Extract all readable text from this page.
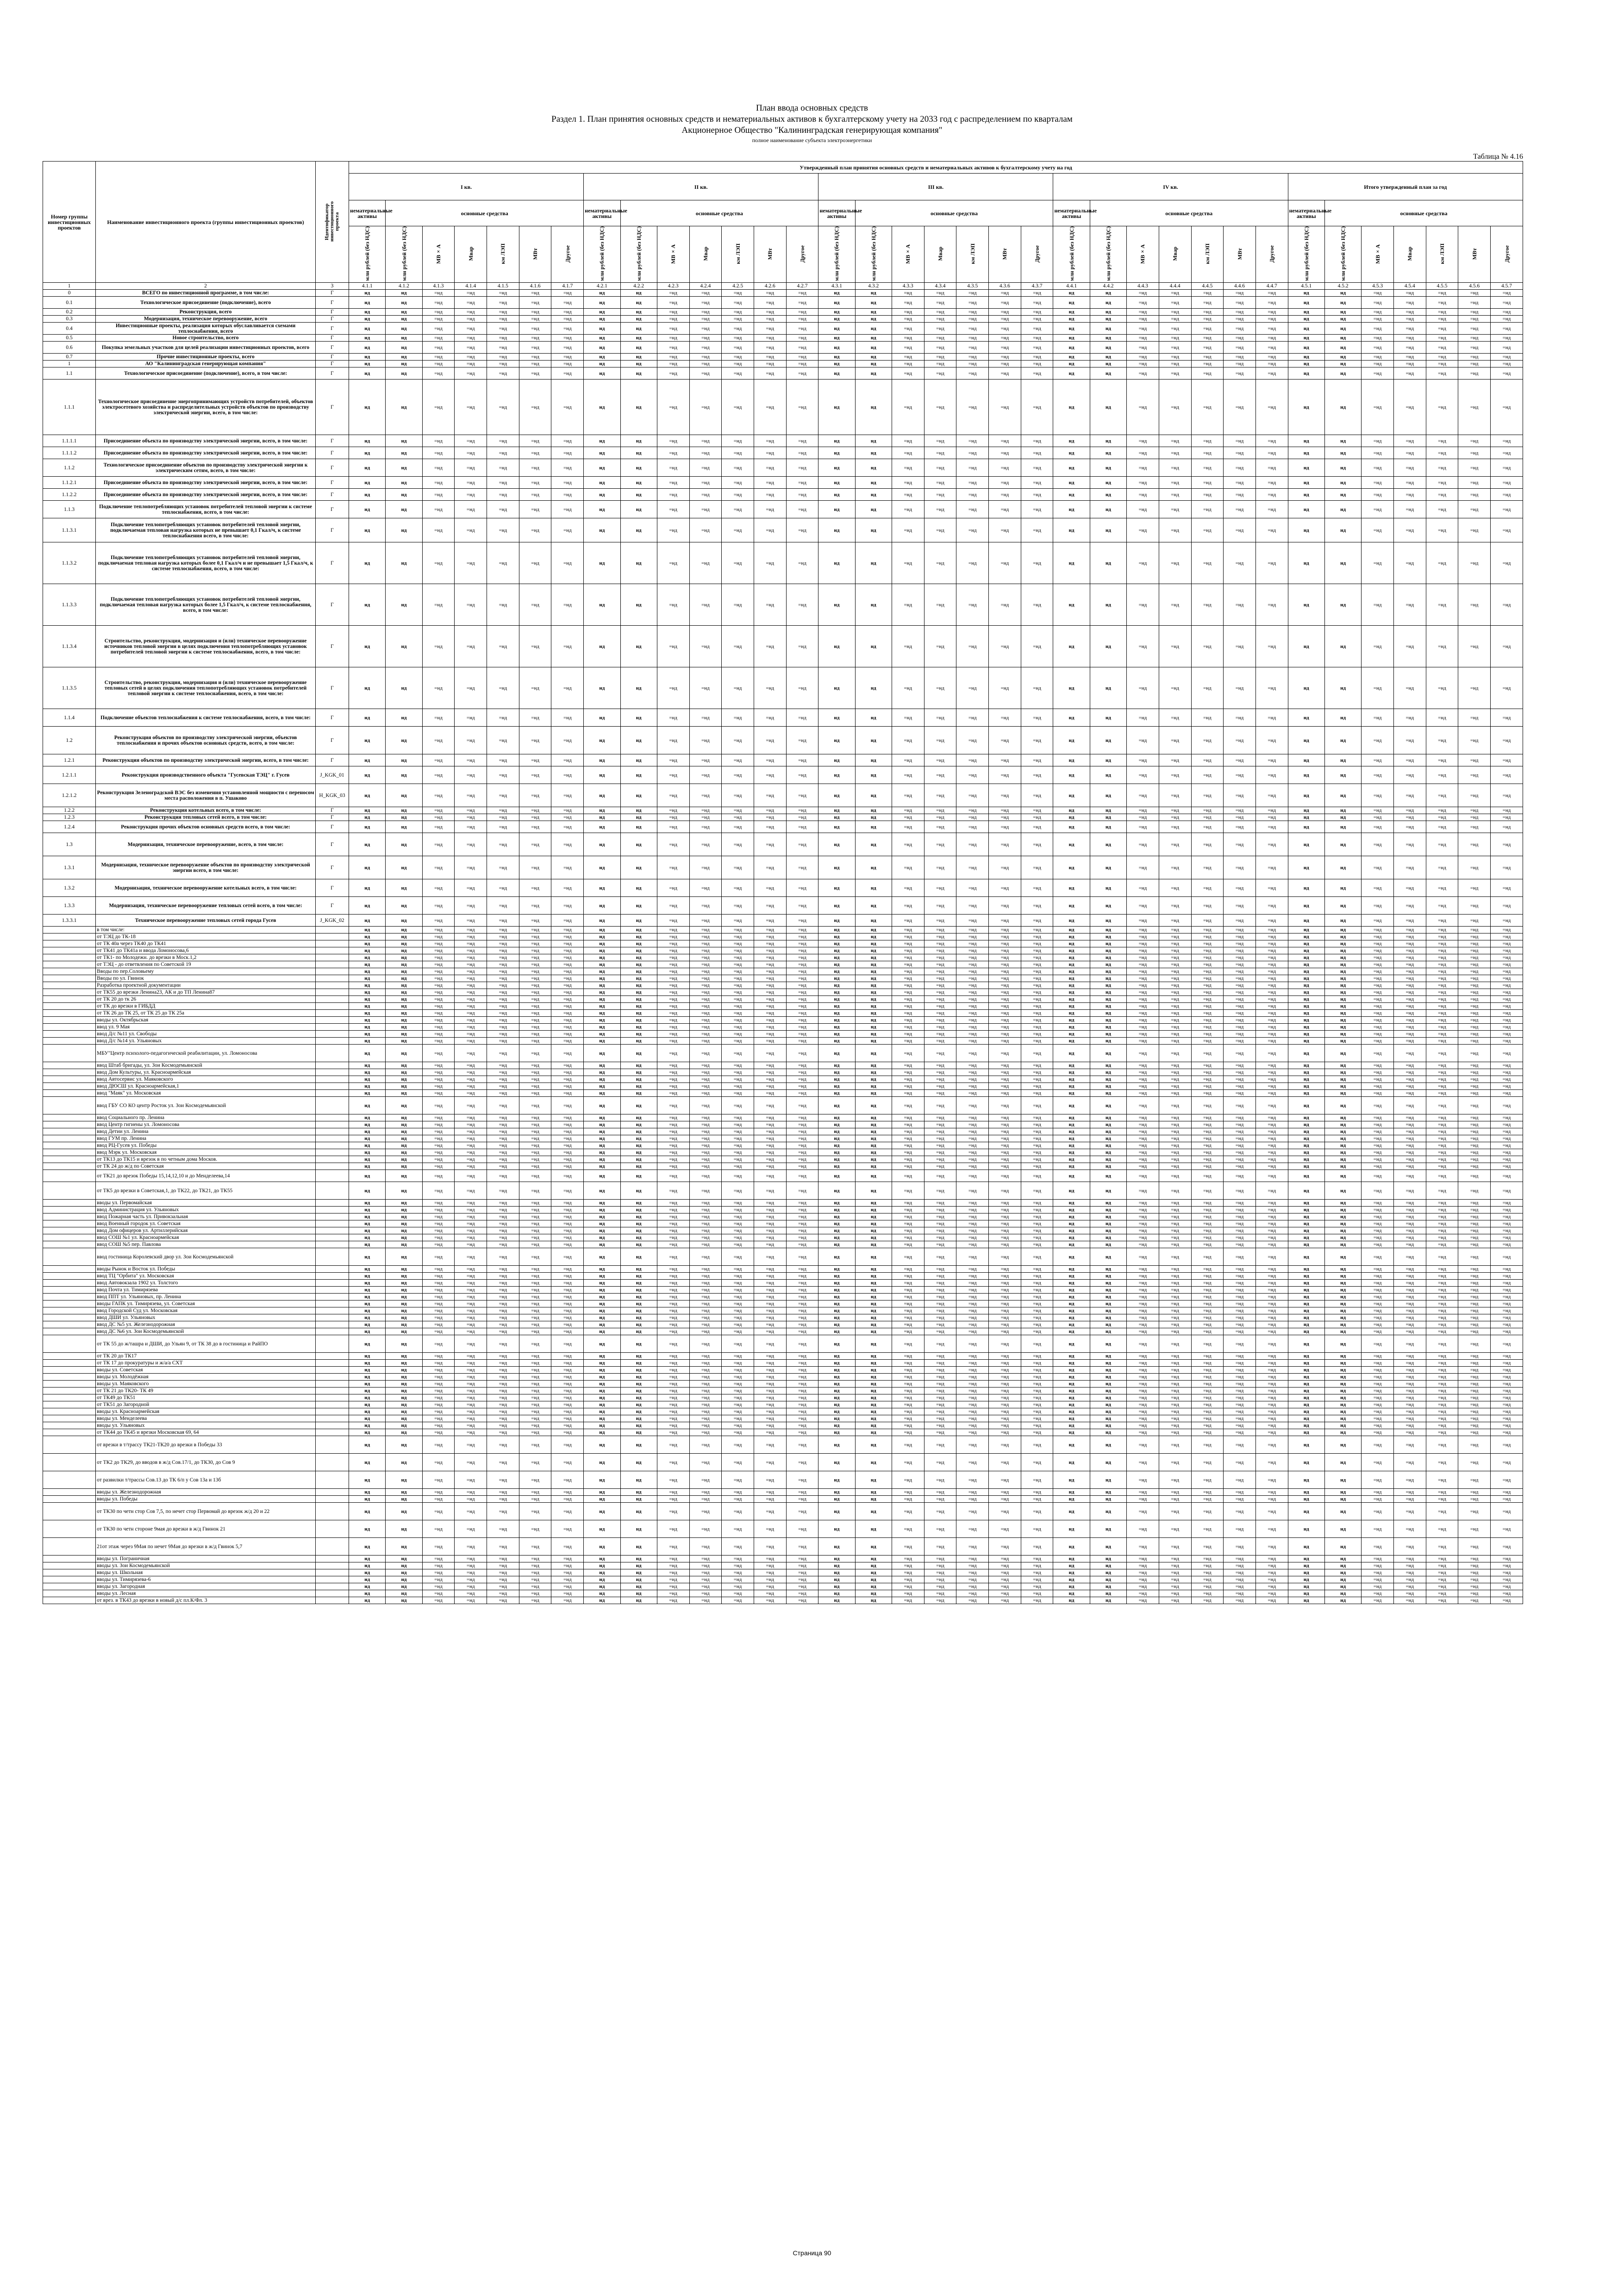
План ввода основных средств
Раздел 1. План принятия основных средств и нематериальных активов к бухгалтерскому учету на 2033 год с распределением по кварталам
Акционерное Общество "Калининградская генерирующая компания"
полное наименование субъекта электроэнергетики
Таблица № 4.16
Номер группы инвестиционных проектов	Наименование инвестиционного проекта (группы инвестиционных проектов)	Идентификатор инвестиционного проекта	Утвержденный план принятия основных средств и нематериальных активов к бухгалтерскому учету на год																																		
			I кв.							II кв.							III кв.							IV кв.							Итого утвержденный план за год						
			нематериальные активы	основные средства						нематериальные активы	основные средства						нематериальные активы	основные средства						нематериальные активы	основные средства						нематериальные активы	основные средства					
			млн рублей (без НДС)	млн рублей (без НДС)	МВ×А	Мвар	км ЛЭП	МВт	Другое	млн рублей (без НДС)	млн рублей (без НДС)	МВ×А	Мвар	км ЛЭП	МВт	Другое	млн рублей (без НДС)	млн рублей (без НДС)	МВ×А	Мвар	км ЛЭП	МВт	Другое	млн рублей (без НДС)	млн рублей (без НДС)	МВ×А	Мвар	км ЛЭП	МВт	Другое	млн рублей (без НДС)	млн рублей (без НДС)	МВ×А	Мвар	км ЛЭП	МВт	Другое

1	2	3	4.1.1	4.1.2	4.1.3	4.1.4	4.1.5	4.1.6	4.1.7	4.2.1	4.2.2	4.2.3	4.2.4	4.2.5	4.2.6	4.2.7	4.3.1	4.3.2	4.3.3	4.3.4	4.3.5	4.3.6	4.3.7	4.4.1	4.4.2	4.4.3	4.4.4	4.4.5	4.4.6	4.4.7	4.5.1	4.5.2	4.5.3	4.5.4	4.5.5	4.5.6	4.5.7
0	ВСЕГО по инвестиционной программе, в том числе:	Г	нд	нд	=нд	=нд	=нд	=нд	=нд	нд	нд	=нд	=нд	=нд	=нд	=нд	нд	нд	=нд	=нд	=нд	=нд	=нд	нд	нд	=нд	=нд	=нд	=нд	=нд	нд	нд	=нд	=нд	=нд	=нд	=нд
0.1	Технологическое присоединение (подключение), всего	Г	нд	нд	=нд	=нд	=нд	=нд	=нд	нд	нд	=нд	=нд	=нд	=нд	=нд	нд	нд	=нд	=нд	=нд	=нд	=нд	нд	нд	=нд	=нд	=нд	=нд	=нд	нд	нд	=нд	=нд	=нд	=нд	=нд
0.2	Реконструкция, всего	Г	нд	нд	=нд	=нд	=нд	=нд	=нд	нд	нд	=нд	=нд	=нд	=нд	=нд	нд	нд	=нд	=нд	=нд	=нд	=нд	нд	нд	=нд	=нд	=нд	=нд	=нд	нд	нд	=нд	=нд	=нд	=нд	=нд
0.3	Модернизация, техническое перевооружение, всего	Г	нд	нд	=нд	=нд	=нд	=нд	=нд	нд	нд	=нд	=нд	=нд	=нд	=нд	нд	нд	=нд	=нд	=нд	=нд	=нд	нд	нд	=нд	=нд	=нд	=нд	=нд	нд	нд	=нд	=нд	=нд	=нд	=нд
0.4	Инвестиционные проекты, реализация которых обуславливается схемами теплоснабжения, всего	Г	нд	нд	=нд	=нд	=нд	=нд	=нд	нд	нд	=нд	=нд	=нд	=нд	=нд	нд	нд	=нд	=нд	=нд	=нд	=нд	нд	нд	=нд	=нд	=нд	=нд	=нд	нд	нд	=нд	=нд	=нд	=нд	=нд
0.5	Новое строительство, всего	Г	нд	нд	=нд	=нд	=нд	=нд	=нд	нд	нд	=нд	=нд	=нд	=нд	=нд	нд	нд	=нд	=нд	=нд	=нд	=нд	нд	нд	=нд	=нд	=нд	=нд	=нд	нд	нд	=нд	=нд	=нд	=нд	=нд
0.6	Покупка земельных участков для целей реализации инвестиционных проектов, всего	Г	нд	нд	=нд	=нд	=нд	=нд	=нд	нд	нд	=нд	=нд	=нд	=нд	=нд	нд	нд	=нд	=нд	=нд	=нд	=нд	нд	нд	=нд	=нд	=нд	=нд	=нд	нд	нд	=нд	=нд	=нд	=нд	=нд
0.7	Прочие инвестиционные проекты, всего	Г	нд	нд	=нд	=нд	=нд	=нд	=нд	нд	нд	=нд	=нд	=нд	=нд	=нд	нд	нд	=нд	=нд	=нд	=нд	=нд	нд	нд	=нд	=нд	=нд	=нд	=нд	нд	нд	=нд	=нд	=нд	=нд	=нд
1	АО "Калининградская генерирующая компания"	Г	нд	нд	=нд	=нд	=нд	=нд	=нд	нд	нд	=нд	=нд	=нд	=нд	=нд	нд	нд	=нд	=нд	=нд	=нд	=нд	нд	нд	=нд	=нд	=нд	=нд	=нд	нд	нд	=нд	=нд	=нд	=нд	=нд
1.1	Технологическое присоединение (подключение), всего, в том числе:	Г	нд	нд	=нд	=нд	=нд	=нд	=нд	нд	нд	=нд	=нд	=нд	=нд	=нд	нд	нд	=нд	=нд	=нд	=нд	=нд	нд	нд	=нд	=нд	=нд	=нд	=нд	нд	нд	=нд	=нд	=нд	=нд	=нд
1.1.1	Технологическое присоединение энергопринимающих устройств потребителей, объектов электросетевого хозяйства и распределительных устройств объектов по производству электрической энергии, всего, в том числе:	Г	нд	нд	=нд	=нд	=нд	=нд	=нд	нд	нд	=нд	=нд	=нд	=нд	=нд	нд	нд	=нд	=нд	=нд	=нд	=нд	нд	нд	=нд	=нд	=нд	=нд	=нд	нд	нд	=нд	=нд	=нд	=нд	=нд
1.1.1.1	Присоединение объекта по производству электрической энергии, всего, в том числе:	Г	нд	нд	=нд	=нд	=нд	=нд	=нд	нд	нд	=нд	=нд	=нд	=нд	=нд	нд	нд	=нд	=нд	=нд	=нд	=нд	нд	нд	=нд	=нд	=нд	=нд	=нд	нд	нд	=нд	=нд	=нд	=нд	=нд
1.1.1.2	Присоединение объекта по производству электрической энергии, всего, в том числе:	Г	нд	нд	=нд	=нд	=нд	=нд	=нд	нд	нд	=нд	=нд	=нд	=нд	=нд	нд	нд	=нд	=нд	=нд	=нд	=нд	нд	нд	=нд	=нд	=нд	=нд	=нд	нд	нд	=нд	=нд	=нд	=нд	=нд
1.1.2	Технологическое присоединение объектов по производству электрической энергии к электрическим сетям, всего, в том числе:	Г	нд	нд	=нд	=нд	=нд	=нд	=нд	нд	нд	=нд	=нд	=нд	=нд	=нд	нд	нд	=нд	=нд	=нд	=нд	=нд	нд	нд	=нд	=нд	=нд	=нд	=нд	нд	нд	=нд	=нд	=нд	=нд	=нд
1.1.2.1	Присоединение объекта по производству электрической энергии, всего, в том числе:	Г	нд	нд	=нд	=нд	=нд	=нд	=нд	нд	нд	=нд	=нд	=нд	=нд	=нд	нд	нд	=нд	=нд	=нд	=нд	=нд	нд	нд	=нд	=нд	=нд	=нд	=нд	нд	нд	=нд	=нд	=нд	=нд	=нд
1.1.2.2	Присоединение объекта по производству электрической энергии, всего, в том числе:	Г	нд	нд	=нд	=нд	=нд	=нд	=нд	нд	нд	=нд	=нд	=нд	=нд	=нд	нд	нд	=нд	=нд	=нд	=нд	=нд	нд	нд	=нд	=нд	=нд	=нд	=нд	нд	нд	=нд	=нд	=нд	=нд	=нд
1.1.3	Подключение теплопотребляющих установок потребителей тепловой энергии к системе теплоснабжения, всего, в том числе:	Г	нд	нд	=нд	=нд	=нд	=нд	=нд	нд	нд	=нд	=нд	=нд	=нд	=нд	нд	нд	=нд	=нд	=нд	=нд	=нд	нд	нд	=нд	=нд	=нд	=нд	=нд	нд	нд	=нд	=нд	=нд	=нд	=нд
1.1.3.1	Подключение теплопотребляющих установок потребителей тепловой энергии, подключаемая тепловая нагрузка которых не превышает 0,1 Гкал/ч, к системе теплоснабжения всего, в том числе:	Г	нд	нд	=нд	=нд	=нд	=нд	=нд	нд	нд	=нд	=нд	=нд	=нд	=нд	нд	нд	=нд	=нд	=нд	=нд	=нд	нд	нд	=нд	=нд	=нд	=нд	=нд	нд	нд	=нд	=нд	=нд	=нд	=нд
1.1.3.2	Подключение теплопотребляющих установок потребителей тепловой энергии, подключаемая тепловая нагрузка которых более 0,1 Гкал/ч и не превышает 1,5 Гкал/ч, к системе теплоснабжения, всего, в том числе:	Г	нд	нд	=нд	=нд	=нд	=нд	=нд	нд	нд	=нд	=нд	=нд	=нд	=нд	нд	нд	=нд	=нд	=нд	=нд	=нд	нд	нд	=нд	=нд	=нд	=нд	=нд	нд	нд	=нд	=нд	=нд	=нд	=нд
1.1.3.3	Подключение теплопотребляющих установок потребителей тепловой энергии, подключаемая тепловая нагрузка которых более 1,5 Гкал/ч, к системе теплоснабжения, всего, в том числе:	Г	нд	нд	=нд	=нд	=нд	=нд	=нд	нд	нд	=нд	=нд	=нд	=нд	=нд	нд	нд	=нд	=нд	=нд	=нд	=нд	нд	нд	=нд	=нд	=нд	=нд	=нд	нд	нд	=нд	=нд	=нд	=нд	=нд
1.1.3.4	Строительство, реконструкция, модернизация и (или) техническое перевооружение источников тепловой энергии в целях подключения теплопотребляющих установок потребителей тепловой энергии к системе теплоснабжения, всего, в том числе:	Г	нд	нд	=нд	=нд	=нд	=нд	=нд	нд	нд	=нд	=нд	=нд	=нд	=нд	нд	нд	=нд	=нд	=нд	=нд	=нд	нд	нд	=нд	=нд	=нд	=нд	=нд	нд	нд	=нд	=нд	=нд	=нд	=нд
1.1.3.5	Строительство, реконструкция, модернизация и (или) техническое перевооружение тепловых сетей в целях подключения теплопотребляющих установок потребителей тепловой энергии к системе теплоснабжения, всего, в том числе:	Г	нд	нд	=нд	=нд	=нд	=нд	=нд	нд	нд	=нд	=нд	=нд	=нд	=нд	нд	нд	=нд	=нд	=нд	=нд	=нд	нд	нд	=нд	=нд	=нд	=нд	=нд	нд	нд	=нд	=нд	=нд	=нд	=нд
1.1.4	Подключение объектов теплоснабжения к системе теплоснабжения, всего, в том числе:	Г	нд	нд	=нд	=нд	=нд	=нд	=нд	нд	нд	=нд	=нд	=нд	=нд	=нд	нд	нд	=нд	=нд	=нд	=нд	=нд	нд	нд	=нд	=нд	=нд	=нд	=нд	нд	нд	=нд	=нд	=нд	=нд	=нд
1.2	Реконструкция объектов по производству электрической энергии, объектов теплоснабжения и прочих объектов основных средств, всего, в том числе:	Г	нд	нд	=нд	=нд	=нд	=нд	=нд	нд	нд	=нд	=нд	=нд	=нд	=нд	нд	нд	=нд	=нд	=нд	=нд	=нд	нд	нд	=нд	=нд	=нд	=нд	=нд	нд	нд	=нд	=нд	=нд	=нд	=нд
1.2.1	Реконструкция объектов по производству электрической энергии, всего, в том числе:	Г	нд	нд	=нд	=нд	=нд	=нд	=нд	нд	нд	=нд	=нд	=нд	=нд	=нд	нд	нд	=нд	=нд	=нд	=нд	=нд	нд	нд	=нд	=нд	=нд	=нд	=нд	нд	нд	=нд	=нд	=нд	=нд	=нд
1.2.1.1	Реконструкция производственного объекта "Гусевская ТЭЦ" г. Гусев	J_KGK_01	нд	нд	=нд	=нд	=нд	=нд	=нд	нд	нд	=нд	=нд	=нд	=нд	=нд	нд	нд	=нд	=нд	=нд	=нд	=нд	нд	нд	=нд	=нд	=нд	=нд	=нд	нд	нд	=нд	=нд	=нд	=нд	=нд
1.2.1.2	Реконструкция Зеленоградской ВЭС без изменения установленной мощности с переносом места расположения в п. Ушаково	H_KGK_03	нд	нд	=нд	=нд	=нд	=нд	=нд	нд	нд	=нд	=нд	=нд	=нд	=нд	нд	нд	=нд	=нд	=нд	=нд	=нд	нд	нд	=нд	=нд	=нд	=нд	=нд	нд	нд	=нд	=нд	=нд	=нд	=нд
1.2.2	Реконструкция котельных всего, в том числе:	Г	нд	нд	=нд	=нд	=нд	=нд	=нд	нд	нд	=нд	=нд	=нд	=нд	=нд	нд	нд	=нд	=нд	=нд	=нд	=нд	нд	нд	=нд	=нд	=нд	=нд	=нд	нд	нд	=нд	=нд	=нд	=нд	=нд
1.2.3	Реконструкция тепловых сетей всего, в том числе:	Г	нд	нд	=нд	=нд	=нд	=нд	=нд	нд	нд	=нд	=нд	=нд	=нд	=нд	нд	нд	=нд	=нд	=нд	=нд	=нд	нд	нд	=нд	=нд	=нд	=нд	=нд	нд	нд	=нд	=нд	=нд	=нд	=нд
1.2.4	Реконструкция прочих объектов основных средств всего, в том числе:	Г	нд	нд	=нд	=нд	=нд	=нд	=нд	нд	нд	=нд	=нд	=нд	=нд	=нд	нд	нд	=нд	=нд	=нд	=нд	=нд	нд	нд	=нд	=нд	=нд	=нд	=нд	нд	нд	=нд	=нд	=нд	=нд	=нд
1.3	Модернизация, техническое перевооружение, всего, в том числе:	Г	нд	нд	=нд	=нд	=нд	=нд	=нд	нд	нд	=нд	=нд	=нд	=нд	=нд	нд	нд	=нд	=нд	=нд	=нд	=нд	нд	нд	=нд	=нд	=нд	=нд	=нд	нд	нд	=нд	=нд	=нд	=нд	=нд
1.3.1	Модернизация, техническое перевооружение объектов по производству электрической энергии всего, в том числе:	Г	нд	нд	=нд	=нд	=нд	=нд	=нд	нд	нд	=нд	=нд	=нд	=нд	=нд	нд	нд	=нд	=нд	=нд	=нд	=нд	нд	нд	=нд	=нд	=нд	=нд	=нд	нд	нд	=нд	=нд	=нд	=нд	=нд
1.3.2	Модернизация, техническое перевооружение котельных всего, в том числе:	Г	нд	нд	=нд	=нд	=нд	=нд	=нд	нд	нд	=нд	=нд	=нд	=нд	=нд	нд	нд	=нд	=нд	=нд	=нд	=нд	нд	нд	=нд	=нд	=нд	=нд	=нд	нд	нд	=нд	=нд	=нд	=нд	=нд
1.3.3	Модернизация, техническое перевооружение тепловых сетей всего, в том числе:	Г	нд	нд	=нд	=нд	=нд	=нд	=нд	нд	нд	=нд	=нд	=нд	=нд	=нд	нд	нд	=нд	=нд	=нд	=нд	=нд	нд	нд	=нд	=нд	=нд	=нд	=нд	нд	нд	=нд	=нд	=нд	=нд	=нд
1.3.3.1	Техническое перевооружение тепловых сетей города Гусев	J_KGK_02	нд	нд	=нд	=нд	=нд	=нд	=нд	нд	нд	=нд	=нд	=нд	=нд	=нд	нд	нд	=нд	=нд	=нд	=нд	=нд	нд	нд	=нд	=нд	=нд	=нд	=нд	нд	нд	=нд	=нд	=нд	=нд	=нд
	в том числе:		нд	нд	=нд	=нд	=нд	=нд	=нд	нд	нд	=нд	=нд	=нд	=нд	=нд	нд	нд	=нд	=нд	=нд	=нд	=нд	нд	нд	=нд	=нд	=нд	=нд	=нд	нд	нд	=нд	=нд	=нд	=нд	=нд
	от ТЭЦ до ТК-18		нд	нд	=нд	=нд	=нд	=нд	=нд	нд	нд	=нд	=нд	=нд	=нд	=нд	нд	нд	=нд	=нд	=нд	=нд	=нд	нд	нд	=нд	=нд	=нд	=нд	=нд	нд	нд	=нд	=нд	=нд	=нд	=нд
	от ТК 40а через ТК40 до ТК41		нд	нд	=нд	=нд	=нд	=нд	=нд	нд	нд	=нд	=нд	=нд	=нд	=нд	нд	нд	=нд	=нд	=нд	=нд	=нд	нд	нд	=нд	=нд	=нд	=нд	=нд	нд	нд	=нд	=нд	=нд	=нд	=нд
	от ТК41 до ТК41а и ввода Ломоносова,6		нд	нд	=нд	=нд	=нд	=нд	=нд	нд	нд	=нд	=нд	=нд	=нд	=нд	нд	нд	=нд	=нд	=нд	=нд	=нд	нд	нд	=нд	=нд	=нд	=нд	=нд	нд	нд	=нд	=нд	=нд	=нд	=нд
	от ТК1- по Молодежн. до врезки в Моск.1,2		нд	нд	=нд	=нд	=нд	=нд	=нд	нд	нд	=нд	=нд	=нд	=нд	=нд	нд	нд	=нд	=нд	=нд	=нд	=нд	нд	нд	=нд	=нд	=нд	=нд	=нд	нд	нд	=нд	=нд	=нд	=нд	=нд
	от ТЭЦ - до ответвления по Советской 19		нд	нд	=нд	=нд	=нд	=нд	=нд	нд	нд	=нд	=нд	=нд	=нд	=нд	нд	нд	=нд	=нд	=нд	=нд	=нд	нд	нд	=нд	=нд	=нд	=нд	=нд	нд	нд	=нд	=нд	=нд	=нд	=нд
	Вводы по пер.Соловьему		нд	нд	=нд	=нд	=нд	=нд	=нд	нд	нд	=нд	=нд	=нд	=нд	=нд	нд	нд	=нд	=нд	=нд	=нд	=нд	нд	нд	=нд	=нд	=нд	=нд	=нд	нд	нд	=нд	=нд	=нд	=нд	=нд
	Вводы по ул. Гвинок		нд	нд	=нд	=нд	=нд	=нд	=нд	нд	нд	=нд	=нд	=нд	=нд	=нд	нд	нд	=нд	=нд	=нд	=нд	=нд	нд	нд	=нд	=нд	=нд	=нд	=нд	нд	нд	=нд	=нд	=нд	=нд	=нд
	Разработка проектной документации		нд	нд	=нд	=нд	=нд	=нд	=нд	нд	нд	=нд	=нд	=нд	=нд	=нд	нд	нд	=нд	=нд	=нд	=нд	=нд	нд	нд	=нд	=нд	=нд	=нд	=нд	нд	нд	=нд	=нд	=нд	=нд	=нд
	от ТК55 до врезки Ленина23, АК и до ТП Ленина87		нд	нд	=нд	=нд	=нд	=нд	=нд	нд	нд	=нд	=нд	=нд	=нд	=нд	нд	нд	=нд	=нд	=нд	=нд	=нд	нд	нд	=нд	=нд	=нд	=нд	=нд	нд	нд	=нд	=нд	=нд	=нд	=нд
	от ТК 20 до тк 26		нд	нд	=нд	=нд	=нд	=нд	=нд	нд	нд	=нд	=нд	=нд	=нд	=нд	нд	нд	=нд	=нд	=нд	=нд	=нд	нд	нд	=нд	=нд	=нд	=нд	=нд	нд	нд	=нд	=нд	=нд	=нд	=нд
	от ТК до врезки в ГИБДД		нд	нд	=нд	=нд	=нд	=нд	=нд	нд	нд	=нд	=нд	=нд	=нд	=нд	нд	нд	=нд	=нд	=нд	=нд	=нд	нд	нд	=нд	=нд	=нд	=нд	=нд	нд	нд	=нд	=нд	=нд	=нд	=нд
	от ТК 26 до ТК 25, от ТК 25 до ТК 25а		нд	нд	=нд	=нд	=нд	=нд	=нд	нд	нд	=нд	=нд	=нд	=нд	=нд	нд	нд	=нд	=нд	=нд	=нд	=нд	нд	нд	=нд	=нд	=нд	=нд	=нд	нд	нд	=нд	=нд	=нд	=нд	=нд
	вводы ул. Октябрьская		нд	нд	=нд	=нд	=нд	=нд	=нд	нд	нд	=нд	=нд	=нд	=нд	=нд	нд	нд	=нд	=нд	=нд	=нд	=нд	нд	нд	=нд	=нд	=нд	=нд	=нд	нд	нд	=нд	=нд	=нд	=нд	=нд
	ввод ул. 9 Мая		нд	нд	=нд	=нд	=нд	=нд	=нд	нд	нд	=нд	=нд	=нд	=нд	=нд	нд	нд	=нд	=нд	=нд	=нд	=нд	нд	нд	=нд	=нд	=нд	=нд	=нд	нд	нд	=нд	=нд	=нд	=нд	=нд
	ввод Д/с №11 ул. Свободы		нд	нд	=нд	=нд	=нд	=нд	=нд	нд	нд	=нд	=нд	=нд	=нд	=нд	нд	нд	=нд	=нд	=нд	=нд	=нд	нд	нд	=нд	=нд	=нд	=нд	=нд	нд	нд	=нд	=нд	=нд	=нд	=нд
	ввод Д/с №14 ул. Ульяновых		нд	нд	=нд	=нд	=нд	=нд	=нд	нд	нд	=нд	=нд	=нд	=нд	=нд	нд	нд	=нд	=нд	=нд	=нд	=нд	нд	нд	=нд	=нд	=нд	=нд	=нд	нд	нд	=нд	=нд	=нд	=нд	=нд
	МБУ"Центр психолого-педагогической реабилитации, ул. Ломоносова		нд	нд	=нд	=нд	=нд	=нд	=нд	нд	нд	=нд	=нд	=нд	=нд	=нд	нд	нд	=нд	=нд	=нд	=нд	=нд	нд	нд	=нд	=нд	=нд	=нд	=нд	нд	нд	=нд	=нд	=нд	=нд	=нд
	ввод Штаб бригады, ул. Зои Космодемьянской		нд	нд	=нд	=нд	=нд	=нд	=нд	нд	нд	=нд	=нд	=нд	=нд	=нд	нд	нд	=нд	=нд	=нд	=нд	=нд	нд	нд	=нд	=нд	=нд	=нд	=нд	нд	нд	=нд	=нд	=нд	=нд	=нд
	ввод Дом Культуры, ул. Красноармейская		нд	нд	=нд	=нд	=нд	=нд	=нд	нд	нд	=нд	=нд	=нд	=нд	=нд	нд	нд	=нд	=нд	=нд	=нд	=нд	нд	нд	=нд	=нд	=нд	=нд	=нд	нд	нд	=нд	=нд	=нд	=нд	=нд
	ввод Автосервис ул. Маяковского		нд	нд	=нд	=нд	=нд	=нд	=нд	нд	нд	=нд	=нд	=нд	=нд	=нд	нд	нд	=нд	=нд	=нд	=нд	=нд	нд	нд	=нд	=нд	=нд	=нд	=нд	нд	нд	=нд	=нд	=нд	=нд	=нд
	ввод ДЮСШ ул. Красноармейская,1		нд	нд	=нд	=нд	=нд	=нд	=нд	нд	нд	=нд	=нд	=нд	=нд	=нд	нд	нд	=нд	=нд	=нд	=нд	=нд	нд	нд	=нд	=нд	=нд	=нд	=нд	нд	нд	=нд	=нд	=нд	=нд	=нд
	ввод "Маяк" ул. Московская		нд	нд	=нд	=нд	=нд	=нд	=нд	нд	нд	=нд	=нд	=нд	=нд	=нд	нд	нд	=нд	=нд	=нд	=нд	=нд	нд	нд	=нд	=нд	=нд	=нд	=нд	нд	нд	=нд	=нд	=нд	=нд	=нд
	ввод ГБУ СО КО центр Росток ул. Зои Космодемьянской		нд	нд	=нд	=нд	=нд	=нд	=нд	нд	нд	=нд	=нд	=нд	=нд	=нд	нд	нд	=нд	=нд	=нд	=нд	=нд	нд	нд	=нд	=нд	=нд	=нд	=нд	нд	нд	=нд	=нд	=нд	=нд	=нд
	ввод Социального пр. Ленина		нд	нд	=нд	=нд	=нд	=нд	=нд	нд	нд	=нд	=нд	=нд	=нд	=нд	нд	нд	=нд	=нд	=нд	=нд	=нд	нд	нд	=нд	=нд	=нд	=нд	=нд	нд	нд	=нд	=нд	=нд	=нд	=нд
	ввод Центр гигиены ул. Ломоносова		нд	нд	=нд	=нд	=нд	=нд	=нд	нд	нд	=нд	=нд	=нд	=нд	=нд	нд	нд	=нд	=нд	=нд	=нд	=нд	нд	нд	=нд	=нд	=нд	=нд	=нд	нд	нд	=нд	=нд	=нд	=нд	=нд
	ввод Детии ул. Ленина		нд	нд	=нд	=нд	=нд	=нд	=нд	нд	нд	=нд	=нд	=нд	=нд	=нд	нд	нд	=нд	=нд	=нд	=нд	=нд	нд	нд	=нд	=нд	=нд	=нд	=нд	нд	нд	=нд	=нд	=нд	=нд	=нд
	ввод ГУМ пр. Ленина		нд	нд	=нд	=нд	=нд	=нд	=нд	нд	нд	=нд	=нд	=нд	=нд	=нд	нд	нд	=нд	=нд	=нд	=нд	=нд	нд	нд	=нд	=нд	=нд	=нд	=нд	нд	нд	=нд	=нд	=нд	=нд	=нд
	ввод РЦ-Гусев ул. Победы		нд	нд	=нд	=нд	=нд	=нд	=нд	нд	нд	=нд	=нд	=нд	=нд	=нд	нд	нд	=нд	=нд	=нд	=нд	=нд	нд	нд	=нд	=нд	=нд	=нд	=нд	нд	нд	=нд	=нд	=нд	=нд	=нд
	ввод Мэрк ул. Московская		нд	нд	=нд	=нд	=нд	=нд	=нд	нд	нд	=нд	=нд	=нд	=нд	=нд	нд	нд	=нд	=нд	=нд	=нд	=нд	нд	нд	=нд	=нд	=нд	=нд	=нд	нд	нд	=нд	=нд	=нд	=нд	=нд
	от ТК13 до ТК15 и врезок в по четным дома Москов.		нд	нд	=нд	=нд	=нд	=нд	=нд	нд	нд	=нд	=нд	=нд	=нд	=нд	нд	нд	=нд	=нд	=нд	=нд	=нд	нд	нд	=нд	=нд	=нд	=нд	=нд	нд	нд	=нд	=нд	=нд	=нд	=нд
	от ТК 24 до ж/д по Советская		нд	нд	=нд	=нд	=нд	=нд	=нд	нд	нд	=нд	=нд	=нд	=нд	=нд	нд	нд	=нд	=нд	=нд	=нд	=нд	нд	нд	=нд	=нд	=нд	=нд	=нд	нд	нд	=нд	=нд	=нд	=нд	=нд
	от ТК21 до врезок Победы 15,14,12,10 и до Менделеева,14		нд	нд	=нд	=нд	=нд	=нд	=нд	нд	нд	=нд	=нд	=нд	=нд	=нд	нд	нд	=нд	=нд	=нд	=нд	=нд	нд	нд	=нд	=нд	=нд	=нд	=нд	нд	нд	=нд	=нд	=нд	=нд	=нд
	от ТК5 до врезки в Советская,1, до ТК22, до ТК21, до ТК55		нд	нд	=нд	=нд	=нд	=нд	=нд	нд	нд	=нд	=нд	=нд	=нд	=нд	нд	нд	=нд	=нд	=нд	=нд	=нд	нд	нд	=нд	=нд	=нд	=нд	=нд	нд	нд	=нд	=нд	=нд	=нд	=нд
	вводы ул. Первомайская		нд	нд	=нд	=нд	=нд	=нд	=нд	нд	нд	=нд	=нд	=нд	=нд	=нд	нд	нд	=нд	=нд	=нд	=нд	=нд	нд	нд	=нд	=нд	=нд	=нд	=нд	нд	нд	=нд	=нд	=нд	=нд	=нд
	ввод Администрация ул. Ульяновых		нд	нд	=нд	=нд	=нд	=нд	=нд	нд	нд	=нд	=нд	=нд	=нд	=нд	нд	нд	=нд	=нд	=нд	=нд	=нд	нд	нд	=нд	=нд	=нд	=нд	=нд	нд	нд	=нд	=нд	=нд	=нд	=нд
	ввод Пожарная часть ул. Привокзальная		нд	нд	=нд	=нд	=нд	=нд	=нд	нд	нд	=нд	=нд	=нд	=нд	=нд	нд	нд	=нд	=нд	=нд	=нд	=нд	нд	нд	=нд	=нд	=нд	=нд	=нд	нд	нд	=нд	=нд	=нд	=нд	=нд
	ввод Военный городок ул. Советская		нд	нд	=нд	=нд	=нд	=нд	=нд	нд	нд	=нд	=нд	=нд	=нд	=нд	нд	нд	=нд	=нд	=нд	=нд	=нд	нд	нд	=нд	=нд	=нд	=нд	=нд	нд	нд	=нд	=нд	=нд	=нд	=нд
	ввод Дом офицеров ул. Артиллерийская		нд	нд	=нд	=нд	=нд	=нд	=нд	нд	нд	=нд	=нд	=нд	=нд	=нд	нд	нд	=нд	=нд	=нд	=нд	=нд	нд	нд	=нд	=нд	=нд	=нд	=нд	нд	нд	=нд	=нд	=нд	=нд	=нд
	ввод СОШ №1 ул. Красноармейская		нд	нд	=нд	=нд	=нд	=нд	=нд	нд	нд	=нд	=нд	=нд	=нд	=нд	нд	нд	=нд	=нд	=нд	=нд	=нд	нд	нд	=нд	=нд	=нд	=нд	=нд	нд	нд	=нд	=нд	=нд	=нд	=нд
	ввод СОШ №5 пер. Павлова		нд	нд	=нд	=нд	=нд	=нд	=нд	нд	нд	=нд	=нд	=нд	=нд	=нд	нд	нд	=нд	=нд	=нд	=нд	=нд	нд	нд	=нд	=нд	=нд	=нд	=нд	нд	нд	=нд	=нд	=нд	=нд	=нд
	ввод гостиница Королевский двор ул. Зои Космодемьянской		нд	нд	=нд	=нд	=нд	=нд	=нд	нд	нд	=нд	=нд	=нд	=нд	=нд	нд	нд	=нд	=нд	=нд	=нд	=нд	нд	нд	=нд	=нд	=нд	=нд	=нд	нд	нд	=нд	=нд	=нд	=нд	=нд
	вводы Рынок и Восток ул. Победы		нд	нд	=нд	=нд	=нд	=нд	=нд	нд	нд	=нд	=нд	=нд	=нд	=нд	нд	нд	=нд	=нд	=нд	=нд	=нд	нд	нд	=нд	=нд	=нд	=нд	=нд	нд	нд	=нд	=нд	=нд	=нд	=нд
	ввод ТЦ "Орбита" ул. Московская		нд	нд	=нд	=нд	=нд	=нд	=нд	нд	нд	=нд	=нд	=нд	=нд	=нд	нд	нд	=нд	=нд	=нд	=нд	=нд	нд	нд	=нд	=нд	=нд	=нд	=нд	нд	нд	=нд	=нд	=нд	=нд	=нд
	ввод Автовокзала 1902 ул. Толстого		нд	нд	=нд	=нд	=нд	=нд	=нд	нд	нд	=нд	=нд	=нд	=нд	=нд	нд	нд	=нд	=нд	=нд	=нд	=нд	нд	нд	=нд	=нд	=нд	=нд	=нд	нд	нд	=нд	=нд	=нд	=нд	=нд
	ввод Почта ул. Тимирязева		нд	нд	=нд	=нд	=нд	=нд	=нд	нд	нд	=нд	=нд	=нд	=нд	=нд	нд	нд	=нд	=нд	=нд	=нд	=нд	нд	нд	=нд	=нд	=нд	=нд	=нд	нд	нд	=нд	=нд	=нд	=нд	=нд
	ввод ППТ ул. Ульяновых, пр. Ленина		нд	нд	=нд	=нд	=нд	=нд	=нд	нд	нд	=нд	=нд	=нд	=нд	=нд	нд	нд	=нд	=нд	=нд	=нд	=нд	нд	нд	=нд	=нд	=нд	=нд	=нд	нд	нд	=нд	=нд	=нд	=нд	=нд
	вводы ГАПК ул. Тимирязева, ул. Советская		нд	нд	=нд	=нд	=нд	=нд	=нд	нд	нд	=нд	=нд	=нд	=нд	=нд	нд	нд	=нд	=нд	=нд	=нд	=нд	нд	нд	=нд	=нд	=нд	=нд	=нд	нд	нд	=нд	=нд	=нд	=нд	=нд
	ввод Городской Суд ул. Московская		нд	нд	=нд	=нд	=нд	=нд	=нд	нд	нд	=нд	=нд	=нд	=нд	=нд	нд	нд	=нд	=нд	=нд	=нд	=нд	нд	нд	=нд	=нд	=нд	=нд	=нд	нд	нд	=нд	=нд	=нд	=нд	=нд
	ввод ДШИ ул. Ульяновых		нд	нд	=нд	=нд	=нд	=нд	=нд	нд	нд	=нд	=нд	=нд	=нд	=нд	нд	нд	=нд	=нд	=нд	=нд	=нд	нд	нд	=нд	=нд	=нд	=нд	=нд	нд	нд	=нд	=нд	=нд	=нд	=нд
	ввод ДС №5 ул. Железнодорожная		нд	нд	=нд	=нд	=нд	=нд	=нд	нд	нд	=нд	=нд	=нд	=нд	=нд	нд	нд	=нд	=нд	=нд	=нд	=нд	нд	нд	=нд	=нд	=нд	=нд	=нд	нд	нд	=нд	=нд	=нд	=нд	=нд
	ввод ДС №6 ул. Зои Космодемьянской		нд	нд	=нд	=нд	=нд	=нд	=нд	нд	нд	=нд	=нд	=нд	=нд	=нд	нд	нд	=нд	=нд	=нд	=нд	=нд	нд	нд	=нд	=нд	=нд	=нд	=нд	нд	нд	=нд	=нд	=нд	=нд	=нд
	от ТК 55 до ж/ташра и ДШИ, до Ульян 9, от ТК 38 до в гостиница и РайПО		нд	нд	=нд	=нд	=нд	=нд	=нд	нд	нд	=нд	=нд	=нд	=нд	=нд	нд	нд	=нд	=нд	=нд	=нд	=нд	нд	нд	=нд	=нд	=нд	=нд	=нд	нд	нд	=нд	=нд	=нд	=нд	=нд
	от ТК 20 до ТК17		нд	нд	=нд	=нд	=нд	=нд	=нд	нд	нд	=нд	=нд	=нд	=нд	=нд	нд	нд	=нд	=нд	=нд	=нд	=нд	нд	нд	=нд	=нд	=нд	=нд	=нд	нд	нд	=нд	=нд	=нд	=нд	=нд
	от ТК 17 до прокуратуры и ж/а/а СХТ		нд	нд	=нд	=нд	=нд	=нд	=нд	нд	нд	=нд	=нд	=нд	=нд	=нд	нд	нд	=нд	=нд	=нд	=нд	=нд	нд	нд	=нд	=нд	=нд	=нд	=нд	нд	нд	=нд	=нд	=нд	=нд	=нд
	вводы ул. Советская		нд	нд	=нд	=нд	=нд	=нд	=нд	нд	нд	=нд	=нд	=нд	=нд	=нд	нд	нд	=нд	=нд	=нд	=нд	=нд	нд	нд	=нд	=нд	=нд	=нд	=нд	нд	нд	=нд	=нд	=нд	=нд	=нд
	вводы ул. Молодёжная		нд	нд	=нд	=нд	=нд	=нд	=нд	нд	нд	=нд	=нд	=нд	=нд	=нд	нд	нд	=нд	=нд	=нд	=нд	=нд	нд	нд	=нд	=нд	=нд	=нд	=нд	нд	нд	=нд	=нд	=нд	=нд	=нд
	вводы ул. Маяковского		нд	нд	=нд	=нд	=нд	=нд	=нд	нд	нд	=нд	=нд	=нд	=нд	=нд	нд	нд	=нд	=нд	=нд	=нд	=нд	нд	нд	=нд	=нд	=нд	=нд	=нд	нд	нд	=нд	=нд	=нд	=нд	=нд
	от ТК 21 до ТК20- ТК 49		нд	нд	=нд	=нд	=нд	=нд	=нд	нд	нд	=нд	=нд	=нд	=нд	=нд	нд	нд	=нд	=нд	=нд	=нд	=нд	нд	нд	=нд	=нд	=нд	=нд	=нд	нд	нд	=нд	=нд	=нд	=нд	=нд
	от ТК49 до ТК51		нд	нд	=нд	=нд	=нд	=нд	=нд	нд	нд	=нд	=нд	=нд	=нд	=нд	нд	нд	=нд	=нд	=нд	=нд	=нд	нд	нд	=нд	=нд	=нд	=нд	=нд	нд	нд	=нд	=нд	=нд	=нд	=нд
	от ТК51 до Загородной		нд	нд	=нд	=нд	=нд	=нд	=нд	нд	нд	=нд	=нд	=нд	=нд	=нд	нд	нд	=нд	=нд	=нд	=нд	=нд	нд	нд	=нд	=нд	=нд	=нд	=нд	нд	нд	=нд	=нд	=нд	=нд	=нд
	вводы ул. Красноармейская		нд	нд	=нд	=нд	=нд	=нд	=нд	нд	нд	=нд	=нд	=нд	=нд	=нд	нд	нд	=нд	=нд	=нд	=нд	=нд	нд	нд	=нд	=нд	=нд	=нд	=нд	нд	нд	=нд	=нд	=нд	=нд	=нд
	вводы ул. Менделеева		нд	нд	=нд	=нд	=нд	=нд	=нд	нд	нд	=нд	=нд	=нд	=нд	=нд	нд	нд	=нд	=нд	=нд	=нд	=нд	нд	нд	=нд	=нд	=нд	=нд	=нд	нд	нд	=нд	=нд	=нд	=нд	=нд
	вводы ул. Ульяновых		нд	нд	=нд	=нд	=нд	=нд	=нд	нд	нд	=нд	=нд	=нд	=нд	=нд	нд	нд	=нд	=нд	=нд	=нд	=нд	нд	нд	=нд	=нд	=нд	=нд	=нд	нд	нд	=нд	=нд	=нд	=нд	=нд
	от ТК44 до ТК45 и врезки Московская 69, 64		нд	нд	=нд	=нд	=нд	=нд	=нд	нд	нд	=нд	=нд	=нд	=нд	=нд	нд	нд	=нд	=нд	=нд	=нд	=нд	нд	нд	=нд	=нд	=нд	=нд	=нд	нд	нд	=нд	=нд	=нд	=нд	=нд
	от врезки в т/трассу ТК21-ТК20 до врезки в Победы 33		нд	нд	=нд	=нд	=нд	=нд	=нд	нд	нд	=нд	=нд	=нд	=нд	=нд	нд	нд	=нд	=нд	=нд	=нд	=нд	нд	нд	=нд	=нд	=нд	=нд	=нд	нд	нд	=нд	=нд	=нд	=нд	=нд
	от ТК2 до ТК29, до вводов в ж/д Сов.17/1, до ТК30, до Сов 9		нд	нд	=нд	=нд	=нд	=нд	=нд	нд	нд	=нд	=нд	=нд	=нд	=нд	нд	нд	=нд	=нд	=нд	=нд	=нд	нд	нд	=нд	=нд	=нд	=нд	=нд	нд	нд	=нд	=нд	=нд	=нд	=нд
	от развилки т/трассы Сов.13 до ТК 6/п у Сов 13а и 13б		нд	нд	=нд	=нд	=нд	=нд	=нд	нд	нд	=нд	=нд	=нд	=нд	=нд	нд	нд	=нд	=нд	=нд	=нд	=нд	нд	нд	=нд	=нд	=нд	=нд	=нд	нд	нд	=нд	=нд	=нд	=нд	=нд
	вводы ул. Железнодорожная		нд	нд	=нд	=нд	=нд	=нд	=нд	нд	нд	=нд	=нд	=нд	=нд	=нд	нд	нд	=нд	=нд	=нд	=нд	=нд	нд	нд	=нд	=нд	=нд	=нд	=нд	нд	нд	=нд	=нд	=нд	=нд	=нд
	вводы ул. Победы		нд	нд	=нд	=нд	=нд	=нд	=нд	нд	нд	=нд	=нд	=нд	=нд	=нд	нд	нд	=нд	=нд	=нд	=нд	=нд	нд	нд	=нд	=нд	=нд	=нд	=нд	нд	нд	=нд	=нд	=нд	=нд	=нд
	от ТК30 по четн стор Сов 7,5, по нечет стор Первомай до врезок ж/д 20 и 22		нд	нд	=нд	=нд	=нд	=нд	=нд	нд	нд	=нд	=нд	=нд	=нд	=нд	нд	нд	=нд	=нд	=нд	=нд	=нд	нд	нд	=нд	=нд	=нд	=нд	=нд	нд	нд	=нд	=нд	=нд	=нд	=нд
	от ТК30 по четн стороне 9мая до врезки в ж/д Гвинок 21		нд	нд	=нд	=нд	=нд	=нд	=нд	нд	нд	=нд	=нд	=нд	=нд	=нд	нд	нд	=нд	=нд	=нд	=нд	=нд	нд	нд	=нд	=нд	=нд	=нд	=нд	нд	нд	=нд	=нд	=нд	=нд	=нд
	21от этаж через 9Мая по нечет 9Мая до врезки в ж/д Гвинок 5,7		нд	нд	=нд	=нд	=нд	=нд	=нд	нд	нд	=нд	=нд	=нд	=нд	=нд	нд	нд	=нд	=нд	=нд	=нд	=нд	нд	нд	=нд	=нд	=нд	=нд	=нд	нд	нд	=нд	=нд	=нд	=нд	=нд
	вводы ул. Пограничная		нд	нд	=нд	=нд	=нд	=нд	=нд	нд	нд	=нд	=нд	=нд	=нд	=нд	нд	нд	=нд	=нд	=нд	=нд	=нд	нд	нд	=нд	=нд	=нд	=нд	=нд	нд	нд	=нд	=нд	=нд	=нд	=нд
	вводы ул. Зои Космодемьянской		нд	нд	=нд	=нд	=нд	=нд	=нд	нд	нд	=нд	=нд	=нд	=нд	=нд	нд	нд	=нд	=нд	=нд	=нд	=нд	нд	нд	=нд	=нд	=нд	=нд	=нд	нд	нд	=нд	=нд	=нд	=нд	=нд
	вводы ул. Школьная		нд	нд	=нд	=нд	=нд	=нд	=нд	нд	нд	=нд	=нд	=нд	=нд	=нд	нд	нд	=нд	=нд	=нд	=нд	=нд	нд	нд	=нд	=нд	=нд	=нд	=нд	нд	нд	=нд	=нд	=нд	=нд	=нд
	вводы ул. Тимирязева-6		нд	нд	=нд	=нд	=нд	=нд	=нд	нд	нд	=нд	=нд	=нд	=нд	=нд	нд	нд	=нд	=нд	=нд	=нд	=нд	нд	нд	=нд	=нд	=нд	=нд	=нд	нд	нд	=нд	=нд	=нд	=нд	=нд
	вводы ул. Загородная		нд	нд	=нд	=нд	=нд	=нд	=нд	нд	нд	=нд	=нд	=нд	=нд	=нд	нд	нд	=нд	=нд	=нд	=нд	=нд	нд	нд	=нд	=нд	=нд	=нд	=нд	нд	нд	=нд	=нд	=нд	=нд	=нд
	вводы ул. Лесная		нд	нд	=нд	=нд	=нд	=нд	=нд	нд	нд	=нд	=нд	=нд	=нд	=нд	нд	нд	=нд	=нд	=нд	=нд	=нд	нд	нд	=нд	=нд	=нд	=нд	=нд	нд	нд	=нд	=нд	=нд	=нд	=нд
	от врез. в ТК43 до врезки в новый д/с пл.К/Фл. 3		нд	нд	=нд	=нд	=нд	=нд	=нд	нд	нд	=нд	=нд	=нд	=нд	=нд	нд	нд	=нд	=нд	=нд	=нд	=нд	нд	нд	=нд	=нд	=нд	=нд	=нд	нд	нд	=нд	=нд	=нд	=нд	=нд
Страница 90
